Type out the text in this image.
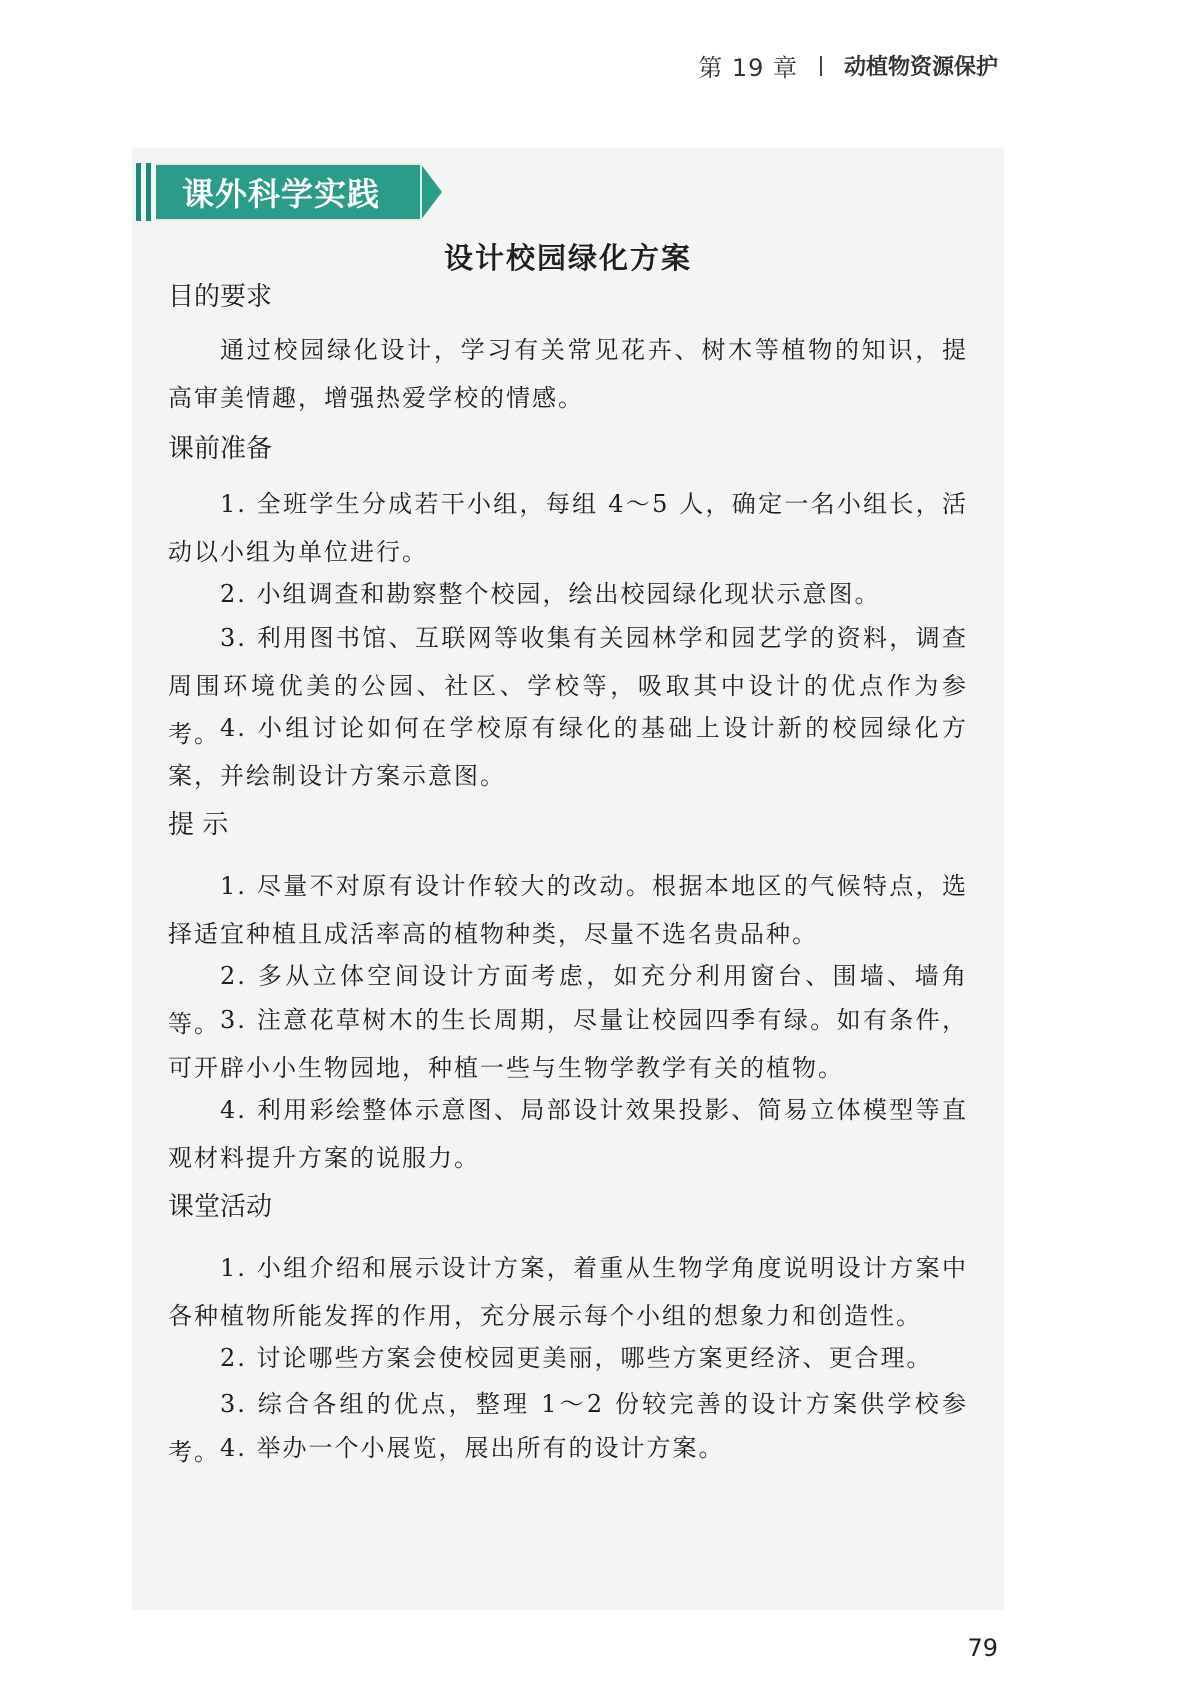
第 19 章 动植物资源保护
课外科学实践
设计校园绿化方案
目的要求

通过校园绿化设计，学习有关常见花卉、树木等植物的知识，提高审美情趣，增强热爱学校的情感。

课前准备

1. 全班学生分成若干小组，每组 4～5 人，确定一名小组长，活动以小组为单位进行。

2. 小组调查和勘察整个校园，绘出校园绿化现状示意图。

3. 利用图书馆、互联网等收集有关园林学和园艺学的资料，调查周围环境优美的公园、社区、学校等，吸取其中设计的优点作为参考。 4. 小组讨论如何在学校原有绿化的基础上设计新的校园绿化方案，并绘制设计方案示意图。

提 示

1. 尽量不对原有设计作较大的改动。根据本地区的气候特点，选择适宜种植且成活率高的植物种类，尽量不选名贵品种。

2. 多从立体空间设计方面考虑，如充分利用窗台、围墙、墙角等。 3. 注意花草树木的生长周期，尽量让校园四季有绿。如有条件，可开辟小小生物园地，种植一些与生物学教学有关的植物。

4. 利用彩绘整体示意图、局部设计效果投影、简易立体模型等直观材料提升方案的说服力。

课堂活动

1. 小组介绍和展示设计方案，着重从生物学角度说明设计方案中各种植物所能发挥的作用，充分展示每个小组的想象力和创造性。

2. 讨论哪些方案会使校园更美丽，哪些方案更经济、更合理。

3. 综合各组的优点，整理 1～2 份较完善的设计方案供学校参考。 4. 举办一个小展览，展出所有的设计方案。

79
